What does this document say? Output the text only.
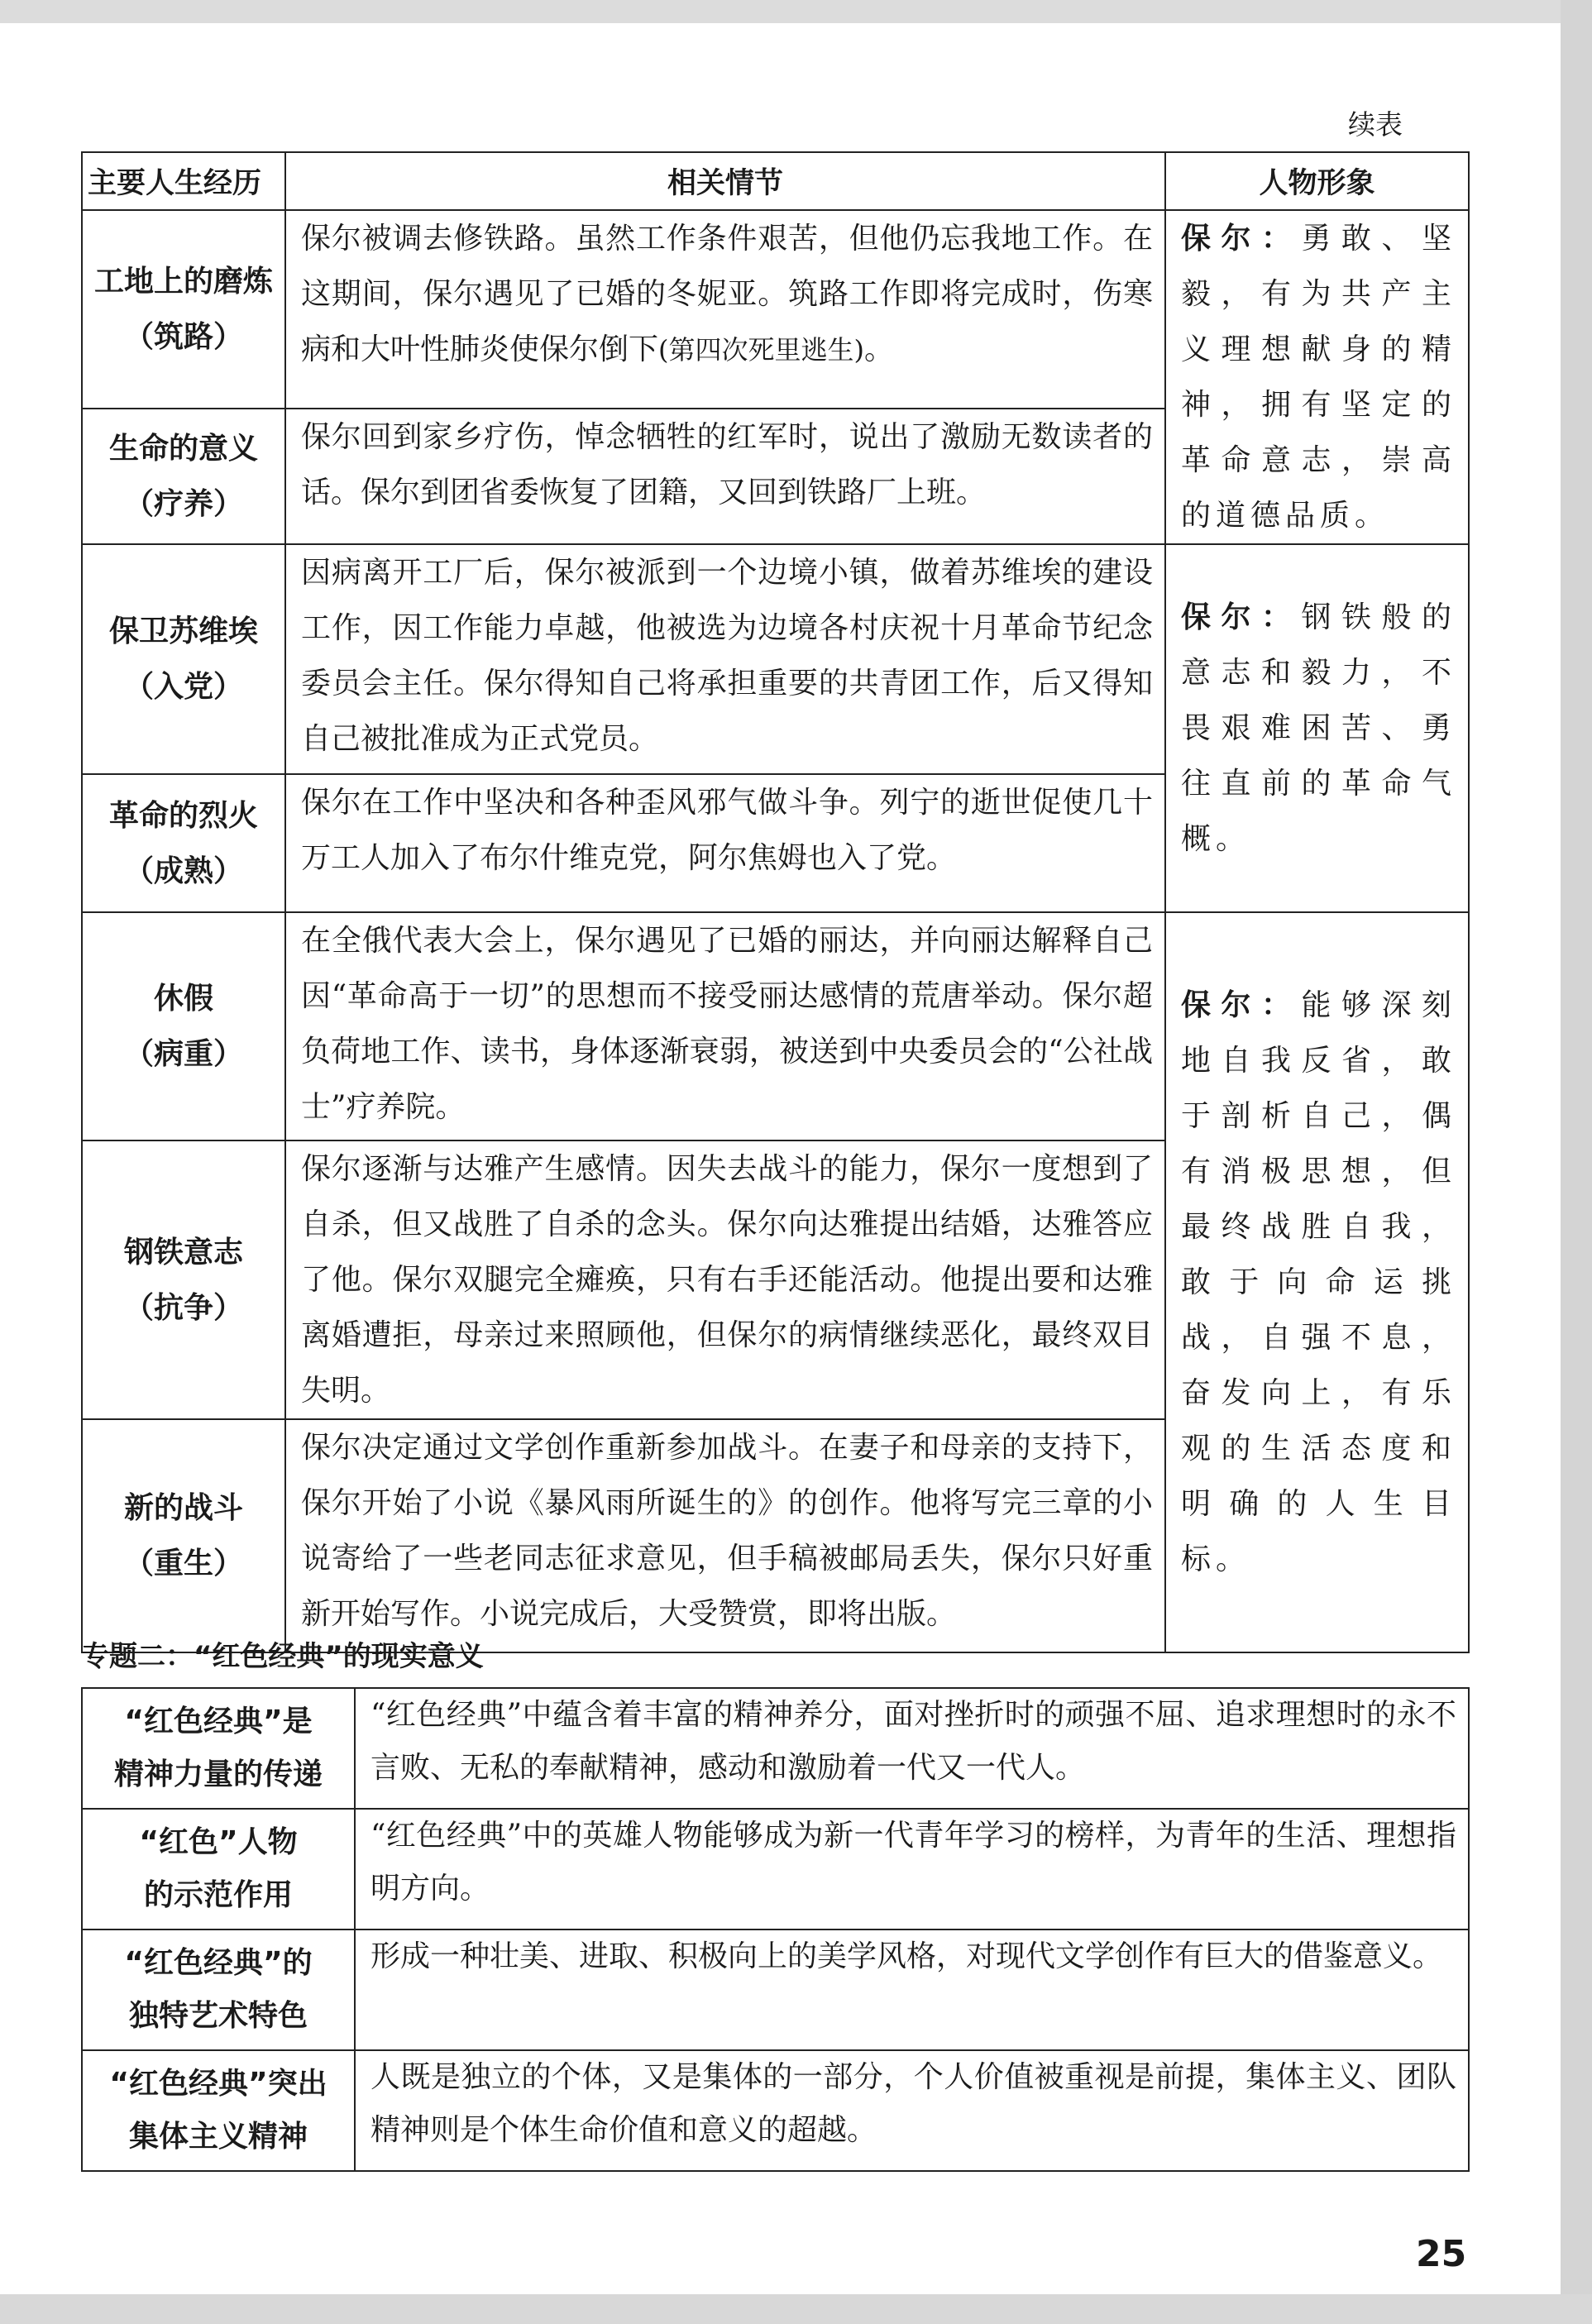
续表
主要人生经历	相关情节	人物形象

工地上的磨炼
（筑路）	保尔被调去修铁路。虽然工作条件艰苦，但他仍忘我地工作。在这期间，保尔遇见了已婚的冬妮亚。筑路工作即将完成时，伤寒病和大叶性肺炎使保尔倒下(第四次死里逃生)。	保尔：勇敢、坚毅，有为共产主义理想献身的精神，拥有坚定的革命意志，崇高的道德品质。

生命的意义
（疗养）	保尔回到家乡疗伤，悼念牺牲的红军时，说出了激励无数读者的话。保尔到团省委恢复了团籍，又回到铁路厂上班。	

保卫苏维埃
（入党）	因病离开工厂后，保尔被派到一个边境小镇，做着苏维埃的建设工作，因工作能力卓越，他被选为边境各村庆祝十月革命节纪念委员会主任。保尔得知自己将承担重要的共青团工作，后又得知自己被批准成为正式党员。	保尔：钢铁般的意志和毅力，不畏艰难困苦、勇往直前的革命气概。

革命的烈火
（成熟）	保尔在工作中坚决和各种歪风邪气做斗争。列宁的逝世促使几十万工人加入了布尔什维克党，阿尔焦姆也入了党。	

休假
（病重）	在全俄代表大会上，保尔遇见了已婚的丽达，并向丽达解释自己因“革命高于一切”的思想而不接受丽达感情的荒唐举动。保尔超负荷地工作、读书，身体逐渐衰弱，被送到中央委员会的“公社战士”疗养院。	保尔：能够深刻地自我反省，敢于剖析自己，偶有消极思想，但最终战胜自我，敢于向命运挑战，自强不息，奋发向上，有乐观的生活态度和明确的人生目标。

钢铁意志
（抗争）	保尔逐渐与达雅产生感情。因失去战斗的能力，保尔一度想到了自杀，但又战胜了自杀的念头。保尔向达雅提出结婚，达雅答应了他。保尔双腿完全瘫痪，只有右手还能活动。他提出要和达雅离婚遭拒，母亲过来照顾他，但保尔的病情继续恶化，最终双目失明。	

新的战斗
（重生）	保尔决定通过文学创作重新参加战斗。在妻子和母亲的支持下，保尔开始了小说《暴风雨所诞生的》的创作。他将写完三章的小说寄给了一些老同志征求意见，但手稿被邮局丢失，保尔只好重新开始写作。小说完成后，大受赞赏，即将出版。	
专题二：“红色经典”的现实意义
“红色经典”是
精神力量的传递	“红色经典”中蕴含着丰富的精神养分，面对挫折时的顽强不屈、追求理想时的永不言败、无私的奉献精神，感动和激励着一代又一代人。

“红色”人物
的示范作用	“红色经典”中的英雄人物能够成为新一代青年学习的榜样，为青年的生活、理想指明方向。

“红色经典”的
独特艺术特色	形成一种壮美、进取、积极向上的美学风格，对现代文学创作有巨大的借鉴意义。

“红色经典”突出
集体主义精神	人既是独立的个体，又是集体的一部分，个人价值被重视是前提，集体主义、团队精神则是个体生命价值和意义的超越。
25
